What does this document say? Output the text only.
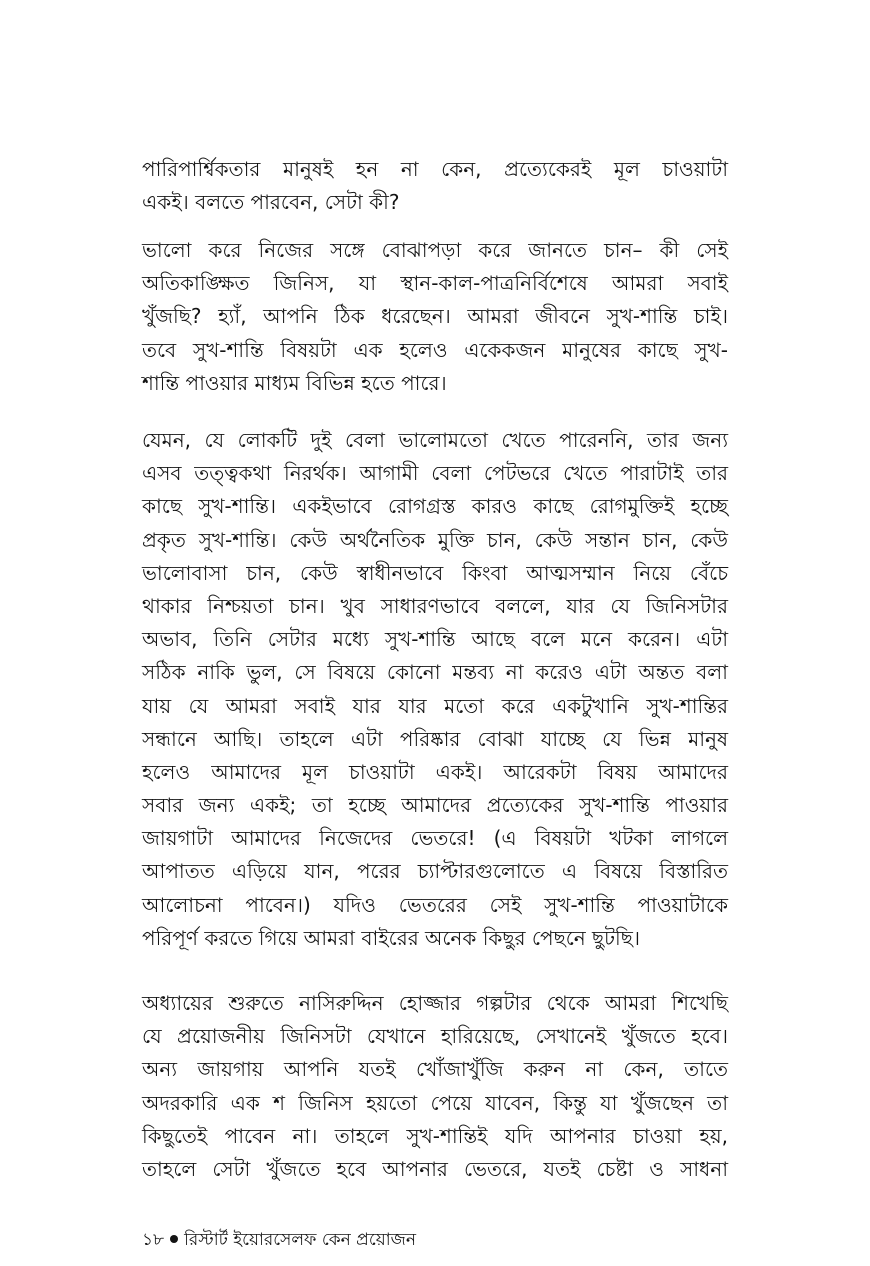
পারিপার্শ্বিকতার মানুষই হন না কেন, প্রত্যেকেরই মূল চাওয়াটা
একই। বলতে পারবেন, সেটা কী?
ভালো করে নিজের সঙ্গে বোঝাপড়া করে জানতে চান– কী সেই
অতিকাঙ্ক্ষিত জিনিস, যা স্থান-কাল-পাত্রনির্বিশেষে আমরা সবাই
খুঁজছি? হ্যাঁ, আপনি ঠিক ধরেছেন। আমরা জীবনে সুখ-শান্তি চাই।
তবে সুখ-শান্তি বিষয়টা এক হলেও একেকজন মানুষের কাছে সুখ-
শান্তি পাওয়ার মাধ্যম বিভিন্ন হতে পারে।
যেমন, যে লোকটি দুই বেলা ভালোমতো খেতে পারেননি, তার জন্য
এসব তত্ত্বকথা নিরর্থক। আগামী বেলা পেটভরে খেতে পারাটাই তার
কাছে সুখ-শান্তি। একইভাবে রোগগ্রস্ত কারও কাছে রোগমুক্তিই হচ্ছে
প্রকৃত সুখ-শান্তি। কেউ অর্থনৈতিক মুক্তি চান, কেউ সন্তান চান, কেউ
ভালোবাসা চান, কেউ স্বাধীনভাবে কিংবা আত্মসম্মান নিয়ে বেঁচে
থাকার নিশ্চয়তা চান। খুব সাধারণভাবে বললে, যার যে জিনিসটার
অভাব, তিনি সেটার মধ্যে সুখ-শান্তি আছে বলে মনে করেন। এটা
সঠিক নাকি ভুল, সে বিষয়ে কোনো মন্তব্য না করেও এটা অন্তত বলা
যায় যে আমরা সবাই যার যার মতো করে একটুখানি সুখ-শান্তির
সন্ধানে আছি। তাহলে এটা পরিষ্কার বোঝা যাচ্ছে যে ভিন্ন মানুষ
হলেও আমাদের মূল চাওয়াটা একই। আরেকটা বিষয় আমাদের
সবার জন্য একই; তা হচ্ছে আমাদের প্রত্যেকের সুখ-শান্তি পাওয়ার
জায়গাটা আমাদের নিজেদের ভেতরে! (এ বিষয়টা খটকা লাগলে
আপাতত এড়িয়ে যান, পরের চ্যাপ্টারগুলোতে এ বিষয়ে বিস্তারিত
আলোচনা পাবেন।) যদিও ভেতরের সেই সুখ-শান্তি পাওয়াটাকে
পরিপূর্ণ করতে গিয়ে আমরা বাইরের অনেক কিছুর পেছনে ছুটছি।
অধ্যায়ের শুরুতে নাসিরুদ্দিন হোজ্জার গল্পটার থেকে আমরা শিখেছি
যে প্রয়োজনীয় জিনিসটা যেখানে হারিয়েছে, সেখানেই খুঁজতে হবে।
অন্য জায়গায় আপনি যতই খোঁজাখুঁজি করুন না কেন, তাতে
অদরকারি এক শ জিনিস হয়তো পেয়ে যাবেন, কিন্তু যা খুঁজছেন তা
কিছুতেই পাবেন না। তাহলে সুখ-শান্তিই যদি আপনার চাওয়া হয়,
তাহলে সেটা খুঁজতে হবে আপনার ভেতরে, যতই চেষ্টা ও সাধনা
১৮ রিস্টার্ট ইয়োরসেলফ কেন প্রয়োজন
